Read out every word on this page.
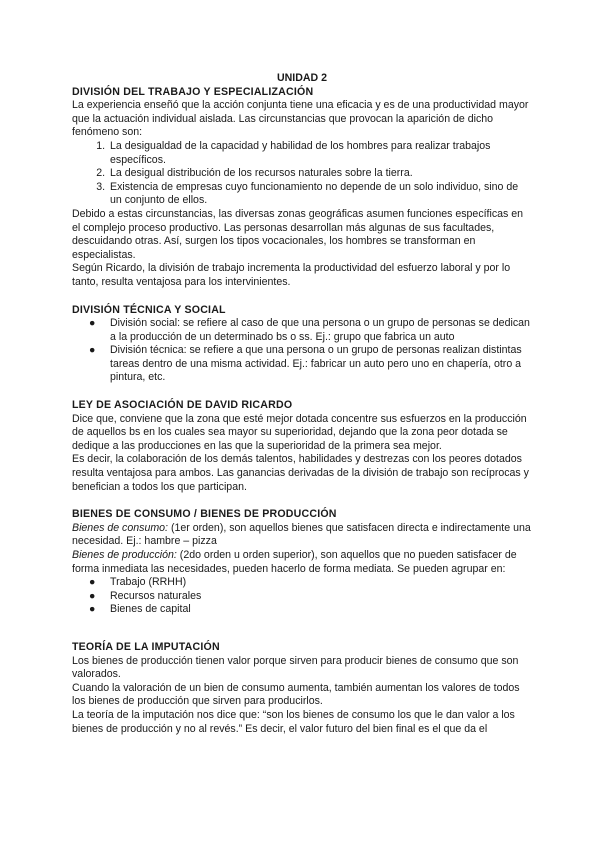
UNIDAD 2

DIVISIÓN DEL TRABAJO Y ESPECIALIZACIÓN

La experiencia enseñó que la acción conjunta tiene una eficacia y es de una productividad mayor que la actuación individual aislada. Las circunstancias que provocan la aparición de dicho fenómeno son:

1. La desigualdad de la capacidad y habilidad de los hombres para realizar trabajos específicos.
2. La desigual distribución de los recursos naturales sobre la tierra.
3. Existencia de empresas cuyo funcionamiento no depende de un solo individuo, sino de un conjunto de ellos.

Debido a estas circunstancias, las diversas zonas geográficas asumen funciones específicas en el complejo proceso productivo. Las personas desarrollan más algunas de sus facultades, descuidando otras. Así, surgen los tipos vocacionales, los hombres se transforman en especialistas.

Según Ricardo, la división de trabajo incrementa la productividad del esfuerzo laboral y por lo tanto, resulta ventajosa para los intervinientes.

DIVISIÓN TÉCNICA Y SOCIAL
● División social: se refiere al caso de que una persona o un grupo de personas se dedican a la producción de un determinado bs o ss. Ej.: grupo que fabrica un auto
● División técnica: se refiere a que una persona o un grupo de personas realizan distintas tareas dentro de una misma actividad. Ej.: fabricar un auto pero uno en chapería, otro a pintura, etc.
LEY DE ASOCIACIÓN DE DAVID RICARDO

Dice que, conviene que la zona que esté mejor dotada concentre sus esfuerzos en la producción de aquellos bs en los cuales sea mayor su superioridad, dejando que la zona peor dotada se dedique a las producciones en las que la superioridad de la primera sea mejor.

Es decir, la colaboración de los demás talentos, habilidades y destrezas con los peores dotados resulta ventajosa para ambos. Las ganancias derivadas de la división de trabajo son recíprocas y benefician a todos los que participan.

BIENES DE CONSUMO / BIENES DE PRODUCCIÓN

Bienes de consumo: (1er orden), son aquellos bienes que satisfacen directa e indirectamente una necesidad. Ej.: hambre – pizza

Bienes de producción: (2do orden u orden superior), son aquellos que no pueden satisfacer de forma inmediata las necesidades, pueden hacerlo de forma mediata. Se pueden agrupar en:

● Trabajo (RRHH)
● Recursos naturales
● Bienes de capital
TEORÍA DE LA IMPUTACIÓN

Los bienes de producción tienen valor porque sirven para producir bienes de consumo que son valorados.

Cuando la valoración de un bien de consumo aumenta, también aumentan los valores de todos los bienes de producción que sirven para producirlos.

La teoría de la imputación nos dice que: “son los bienes de consumo los que le dan valor a los bienes de producción y no al revés.” Es decir, el valor futuro del bien final es el que da el
